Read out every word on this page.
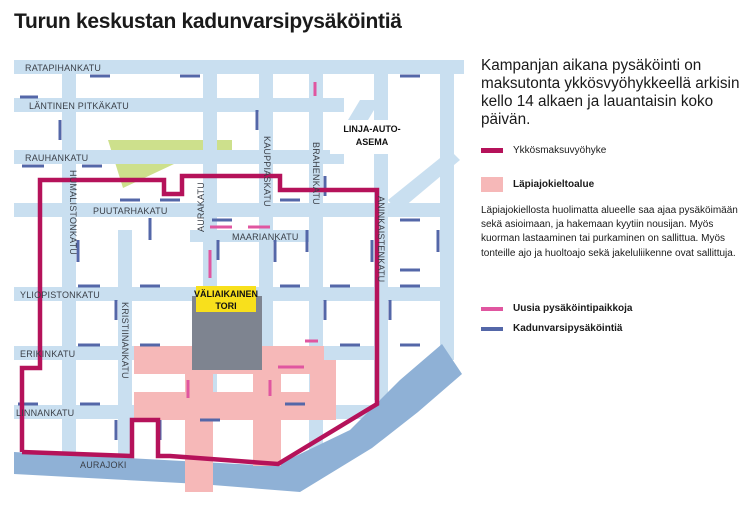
Turun keskustan kadunvarsipysäköintiä
VÄLIAIKAINEN
TORI
RATAPIHANKATU
LÄNTINEN PITKÄKATU
RAUHANKATU
HUMALISTONKATU PUUTARHAKATU	AURAKATU
KAUPPIASKATU	BRAHENKATU
MAARIANKATU	ANINKAISTENKATU
YLIOPISTONKATU
KRISTIINANKATU
ERIKINKATU
LINNANKATU
AURAJOKI
LINJA-AUTO-
ASEMA
Kampanjan aikana pysäköinti on maksutonta ykkösvyöhykkeellä arkisin kello 14 alkaen ja lauantaisin koko päivän.
Ykkösmaksuvyöhyke
Läpiajokieltoalue
Läpiajokiellosta huolimatta alueelle saa ajaa pysäköimään sekä asioimaan, ja hakemaan kyytiin nousijan. Myös kuorman lastaaminen tai purkaminen on sallittua. Myös tonteille ajo ja huoltoajo sekä jakeluliikenne ovat sallittuja.
Uusia pysäköintipaikkoja
Kadunvarsipysäköintiä
